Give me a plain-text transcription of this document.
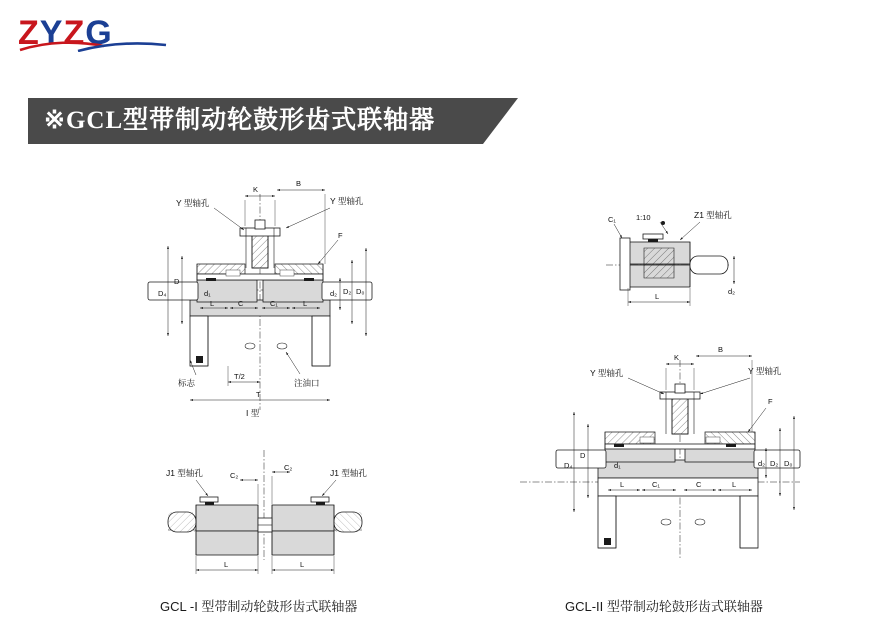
ZYZG
※GCL型带制动轮鼓形齿式联轴器
Y 型轴孔	Y 型轴孔
F
K
B
D
D₄	d₁	d₂ D₂ D₀
L	C	C₁	L
T/2
T
标志	注油口
I 型
C₂
C₂
J1 型轴孔	J1 型轴孔
L	L
1:10	Z1 型轴孔
C₁
L
d₂
Y 型轴孔	Y 型轴孔
K
B
F
D
D₄	d₁	d₂ D₂ D₀
L	C₁	C	L
GCL -I 型带制动轮鼓形齿式联轴器	GCL-II 型带制动轮鼓形齿式联轴器
